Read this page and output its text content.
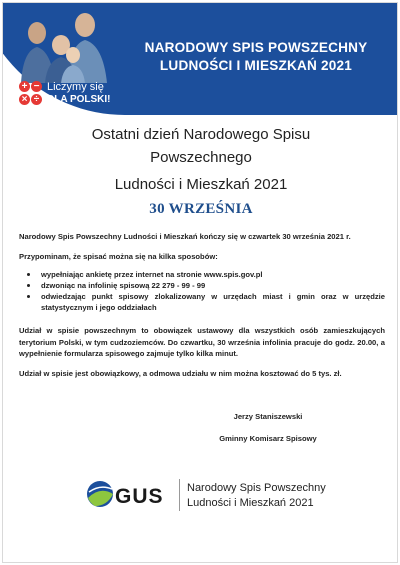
NARODOWY SPIS POWSZECHNY
LUDNOŚCI I MIESZKAŃ 2021
+ −
× ÷
Liczymy się
DLA POLSKI!
Ostatni dzień Narodowego Spisu
Powszechnego
Ludności i Mieszkań 2021
30 WRZEŚNIA
Narodowy Spis Powszechny Ludności i Mieszkań kończy się w czwartek 30 września 2021 r.
Przypominam, że spisać można się na kilka sposobów:
wypełniając ankietę przez internet na stronie www.spis.gov.pl
dzwoniąc na infolinię spisową 22 279 - 99 - 99
odwiedzając punkt spisowy zlokalizowany w urzędach miast i gmin oraz w urzędzie statystycznym i jego oddziałach
Udział w spisie powszechnym to obowiązek ustawowy dla wszystkich osób zamieszkujących terytorium Polski, w tym cudzoziemców. Do czwartku, 30 września infolinia pracuje do godz. 20.00, a wypełnienie formularza spisowego zajmuje tylko kilka minut.
Udział w spisie jest obowiązkowy, a odmowa udziału w nim można kosztować do 5 tys. zł.
Jerzy Staniszewski
Gminny Komisarz Spisowy
GUS Narodowy Spis Powszechny
Ludności i Mieszkań 2021
